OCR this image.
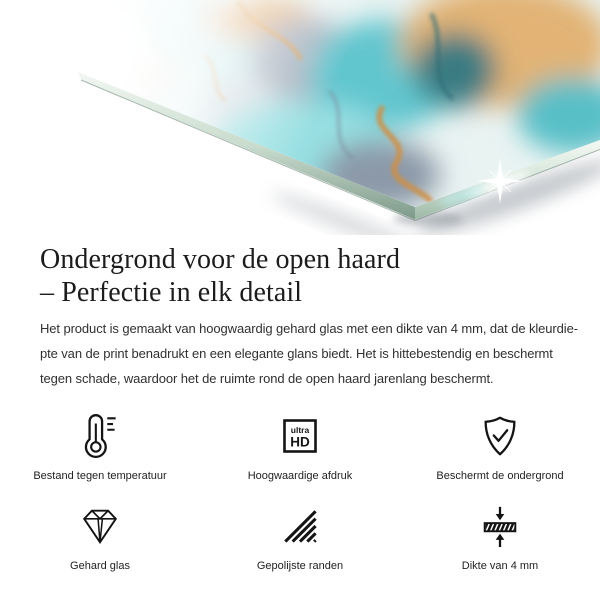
Ondergrond voor de open haard
– Perfectie in elk detail

Het product is gemaakt van hoogwaardig gehard glas met een dikte van 4 mm, dat de kleurdie-
pte van de print benadrukt en een elegante glans biedt. Het is hittebestendig en beschermt
tegen schade, waardoor het de ruimte rond de open haard jarenlang beschermt.

Bestand tegen temperatuur
ultra
HD
Hoogwaardige afdruk	Beschermt de ondergrond
Gehard glas	Gepolijste randen	Dikte van 4 mm
